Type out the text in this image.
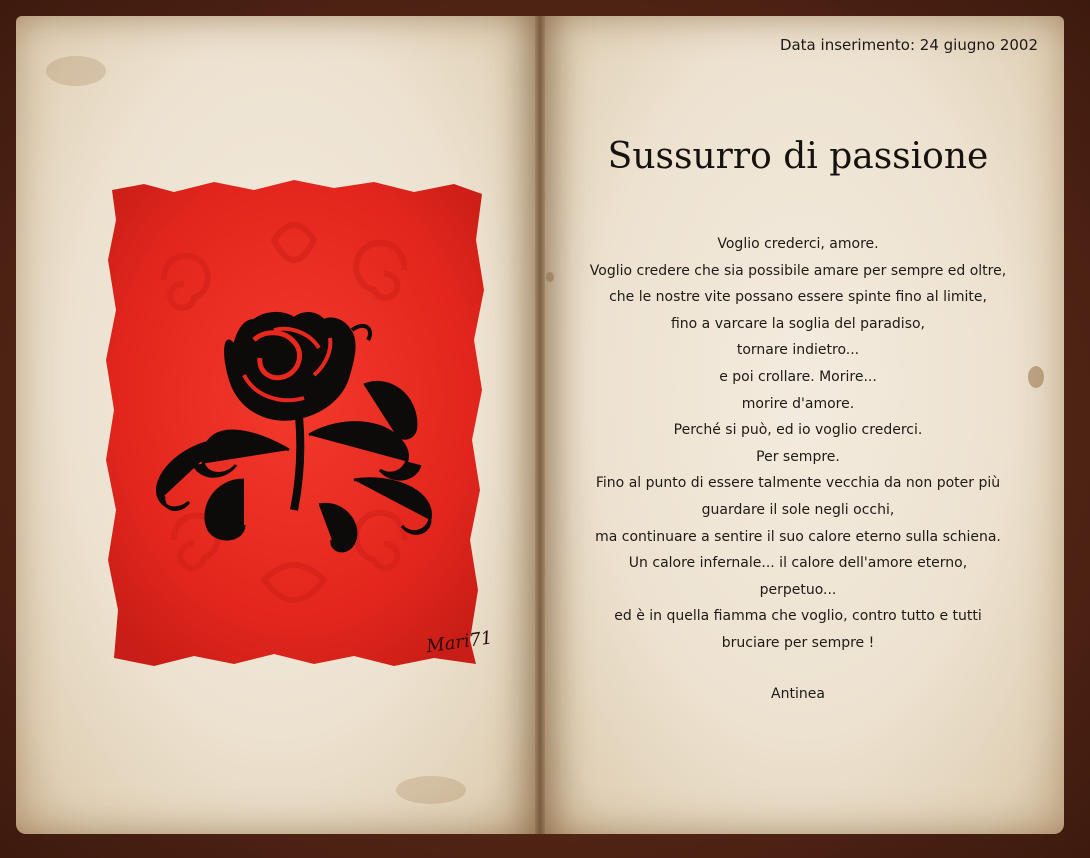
Mari71
Data inserimento: 24 giugno 2002
Sussurro di passione
Voglio crederci, amore.
Voglio credere che sia possibile amare per sempre ed oltre,
che le nostre vite possano essere spinte fino al limite,
fino a varcare la soglia del paradiso,
tornare indietro...
e poi crollare. Morire...
morire d'amore.
Perché si può, ed io voglio crederci.
Per sempre.
Fino al punto di essere talmente vecchia da non poter più
guardare il sole negli occhi,
ma continuare a sentire il suo calore eterno sulla schiena.
Un calore infernale... il calore dell'amore eterno,
perpetuo...
ed è in quella fiamma che voglio, contro tutto e tutti
bruciare per sempre !
Antinea
